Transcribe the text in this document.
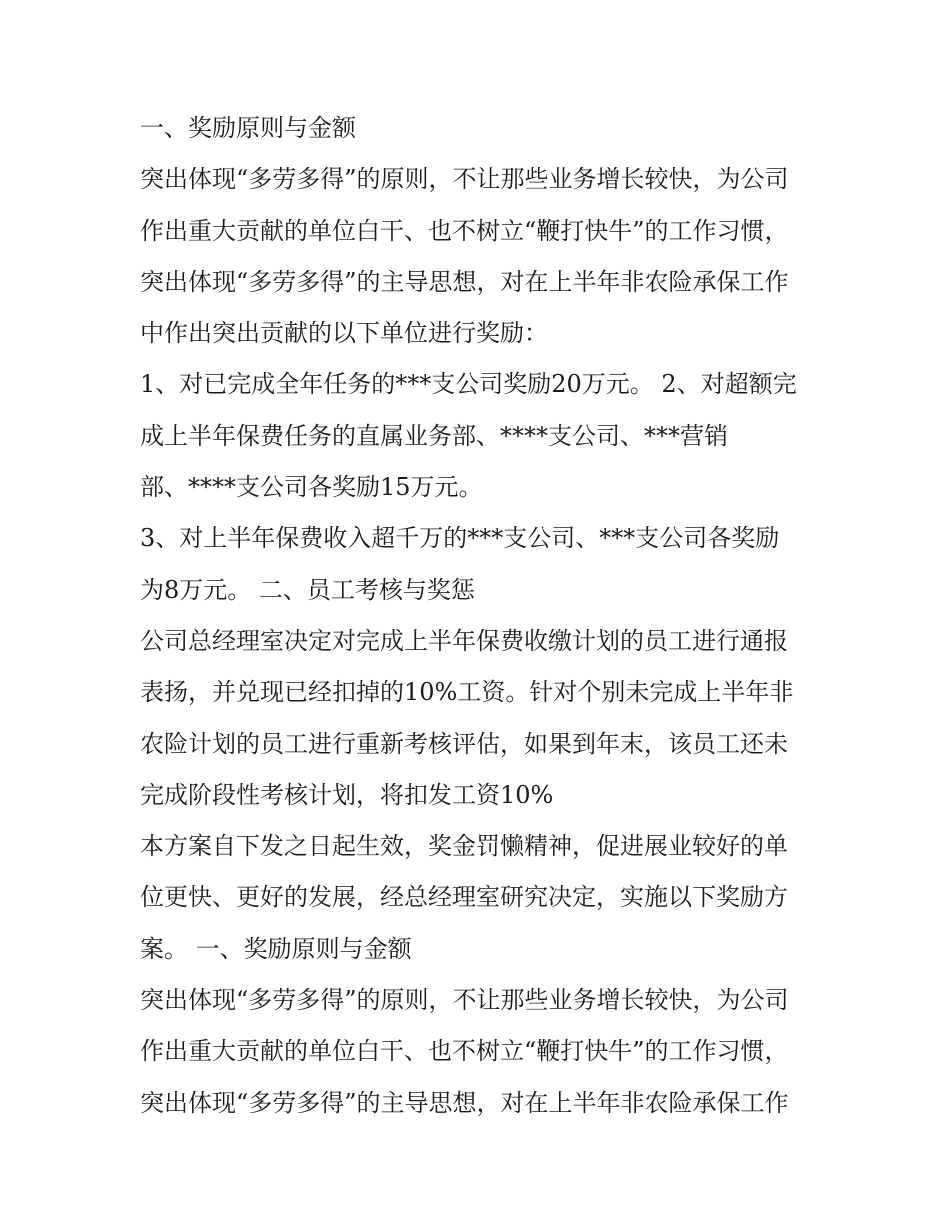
一、奖励原则与金额
突出体现“多劳多得”的原则，不让那些业务增长较快，为公司
作出重大贡献的单位白干、也不树立“鞭打快牛”的工作习惯，
突出体现“多劳多得”的主导思想，对在上半年非农险承保工作
中作出突出贡献的以下单位进行奖励：
1、对已完成全年任务的***支公司奖励20万元。 2、对超额完
成上半年保费任务的直属业务部、****支公司、***营销
部、****支公司各奖励15万元。
3、对上半年保费收入超千万的***支公司、***支公司各奖励
为8万元。 二、员工考核与奖惩
公司总经理室决定对完成上半年保费收缴计划的员工进行通报
表扬，并兑现已经扣掉的10%工资。针对个别未完成上半年非
农险计划的员工进行重新考核评估，如果到年末，该员工还未
完成阶段性考核计划，将扣发工资10%
本方案自下发之日起生效，奖金罚懒精神，促进展业较好的单
位更快、更好的发展，经总经理室研究决定，实施以下奖励方
案。 一、奖励原则与金额
突出体现“多劳多得”的原则，不让那些业务增长较快，为公司
作出重大贡献的单位白干、也不树立“鞭打快牛”的工作习惯，
突出体现“多劳多得”的主导思想，对在上半年非农险承保工作
